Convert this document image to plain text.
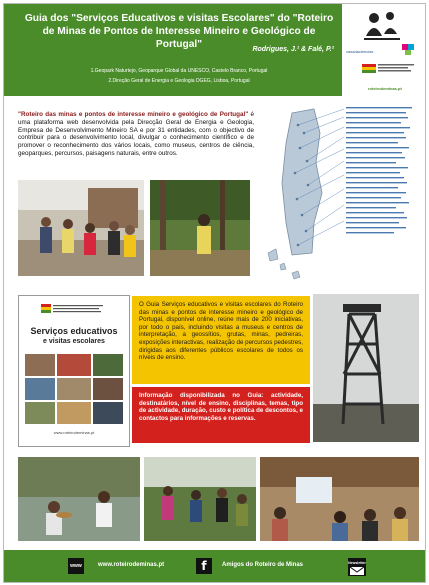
Guia dos "Serviços Educativos e visitas Escolares" do "Roteiro de Minas de Pontos de Interesse Mineiro e Geológico de Portugal"	Rodrigues, J.¹ & Falé, P.²
1.Geopark Naturtejo, Geoparque Global da UNESCO, Castelo Branco, Portugal
2.Direção Geral de Energia e Geologia DGEG, Lisboa, Portugal
casadaciencias
roteirodeminas.pt
"Roteiro das minas e pontos de interesse mineiro e geológico de Portugal" é uma plataforma web desenvolvida pela Direcção Geral de Energia e Geologia, Empresa de Desenvolvimento Mineiro SA e por 31 entidades, com o objectivo de contribuir para o desenvolvimento local, divulgar o conhecimento científico e de promover o reconhecimento dos vários locais, como museus, centros de ciência, geoparques, percursos, paisagens naturais, entre outros.
Serviços educativos
e visitas escolares
www.roteirodeminas.pt
O Guia Serviços educativos e visitas escolares do Roteiro das minas e pontos de interesse mineiro e geológico de Portugal, disponível online, reúne mais de 200 iniciativas, por todo o país, incluindo visitas a museus e centros de interpretação, a geossítios, grutas, minas, pedreiras, exposições interactivas, realização de percursos pedestres, dirigidas aos diferentes públicos escolares de todos os níveis de ensino.
Informação disponibilizada no Guia: actividade, destinatários, nível de ensino, disciplinas, temas, tipo de actividade, duração, custo e política de descontos, e contactos para informações e reservas.
www	www.roteirodeminas.pt	f	Amigos do Roteiro de Minas	Newsletter
